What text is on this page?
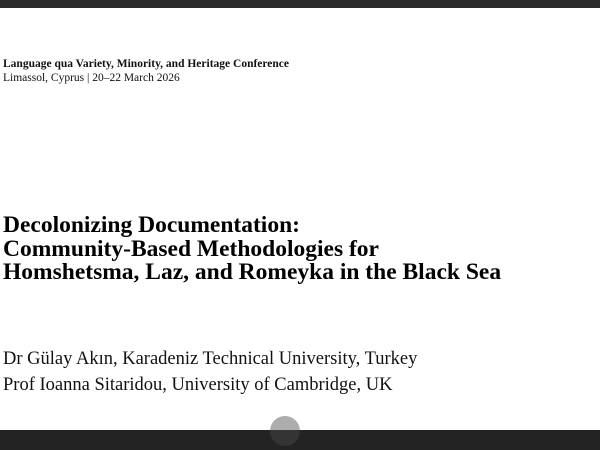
Language qua Variety, Minority, and Heritage Conference
Limassol, Cyprus | 20–22 March 2026
Decolonizing Documentation:
Community-Based Methodologies for
Homshetsma, Laz, and Romeyka in the Black Sea
Dr Gülay Akın, Karadeniz Technical University, Turkey
Prof Ioanna Sitaridou, University of Cambridge, UK
